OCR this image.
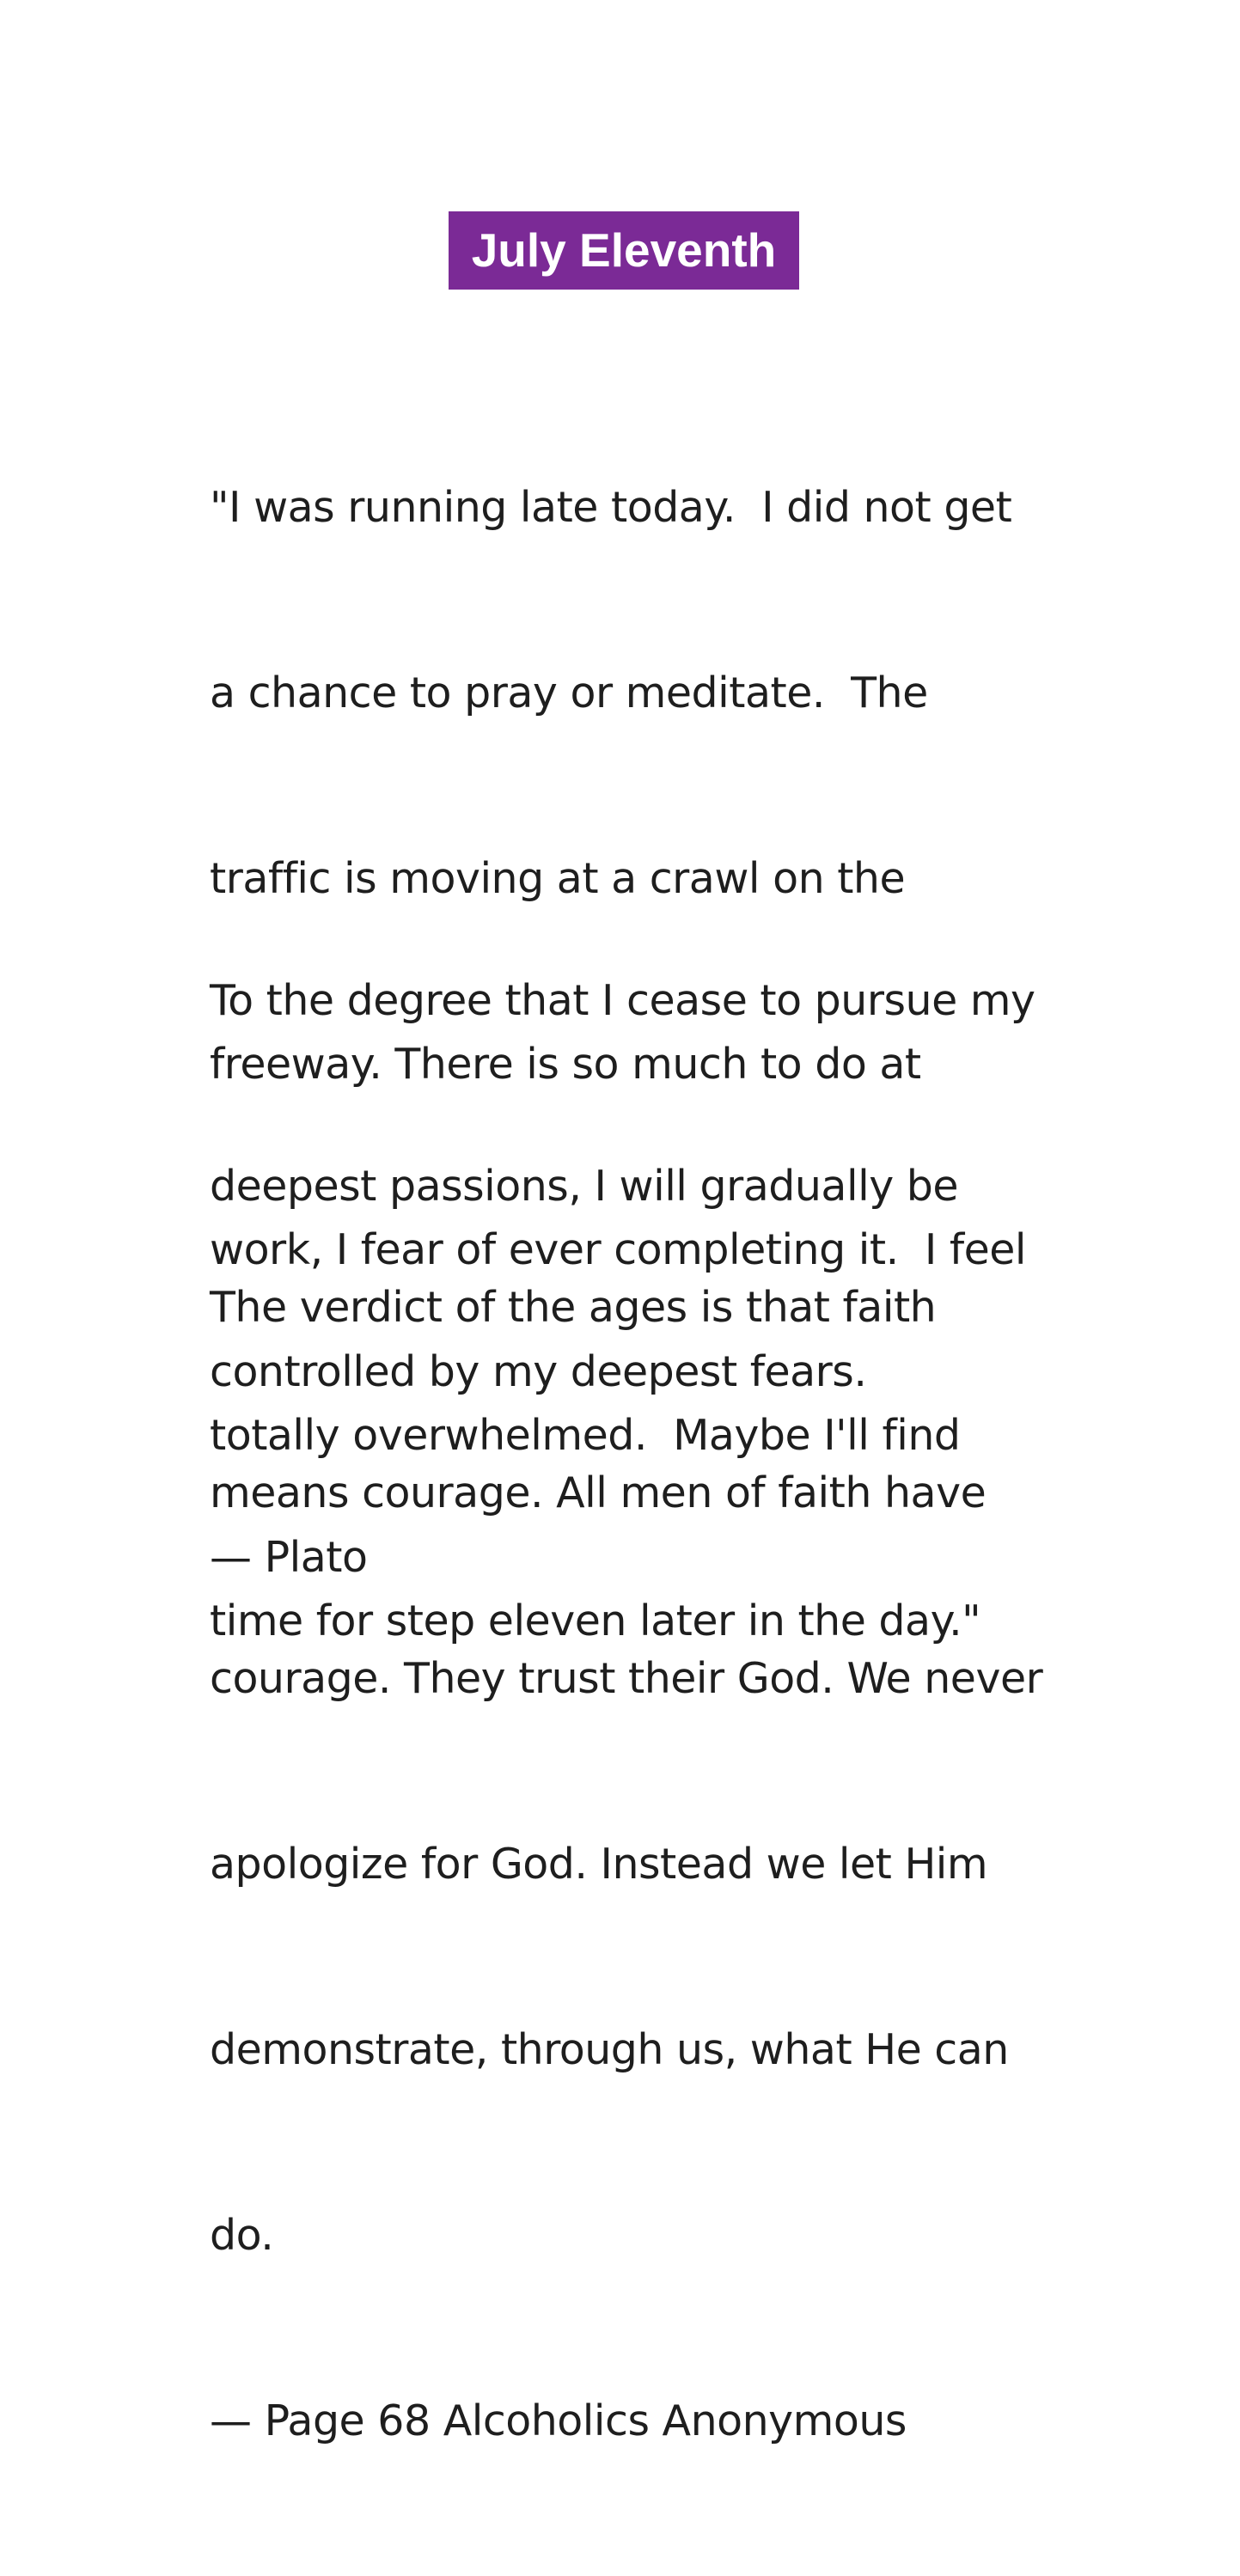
July Eleventh

"I was running late today.  I did not get

a chance to pray or meditate.  The

traffic is moving at a crawl on the

freeway. There is so much to do at

work, I fear of ever completing it.  I feel

totally overwhelmed.  Maybe I'll find

time for step eleven later in the day."

To the degree that I cease to pursue my

deepest passions, I will gradually be

controlled by my deepest fears.

— Plato

The verdict of the ages is that faith

means courage. All men of faith have

courage. They trust their God. We never

apologize for God. Instead we let Him

demonstrate, through us, what He can

do.

— Page 68 Alcoholics Anonymous
